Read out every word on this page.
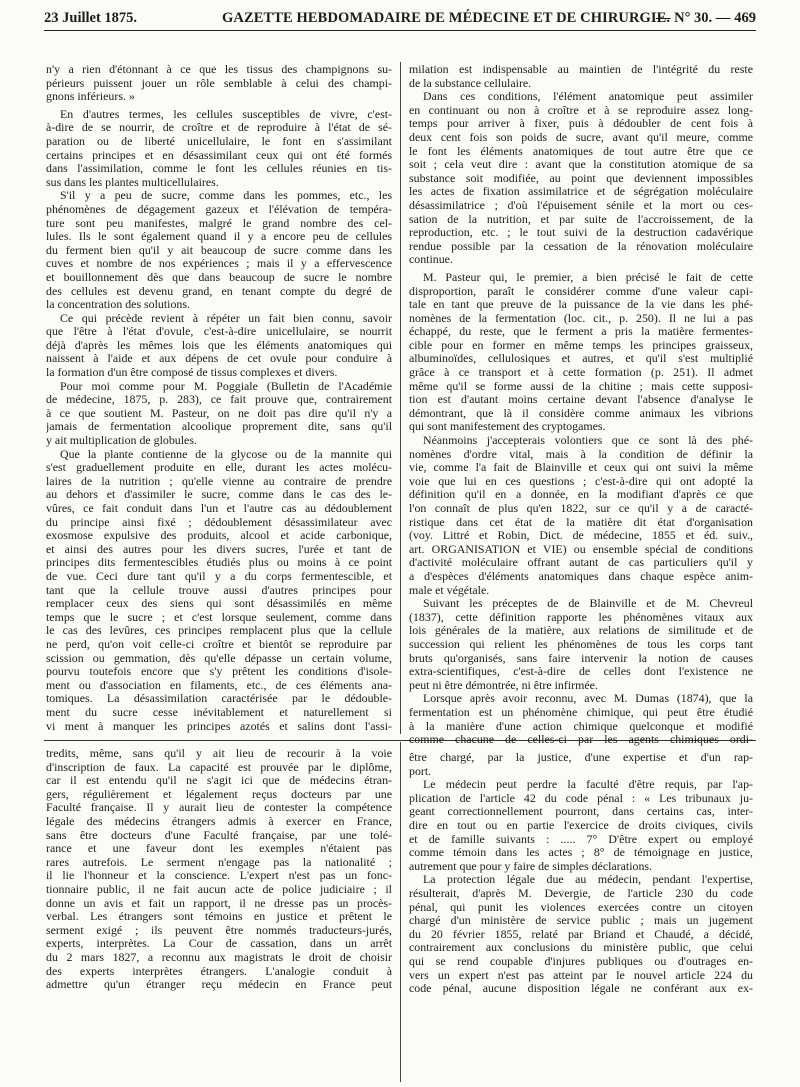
23 Juillet 1875.	GAZETTE HEBDOMADAIRE DE MÉDECINE ET DE CHIRURGIE.
— N° 30. — 469
n'y a rien d'étonnant à ce que les tissus des champignons su-
périeurs puissent jouer un rôle semblable à celui des champi-
gnons inférieurs. »
En d'autres termes, les cellules susceptibles de vivre, c'est-
à-dire de se nourrir, de croître et de reproduire à l'état de sé-
paration ou de liberté unicellulaire, le font en s'assimilant
certains principes et en désassimilant ceux qui ont été formés
dans l'assimilation, comme le font les cellules réunies en tis-
sus dans les plantes multicellulaires.
S'il y a peu de sucre, comme dans les pommes, etc., les
phénomènes de dégagement gazeux et l'élévation de tempéra-
ture sont peu manifestes, malgré le grand nombre des cel-
lules. Ils le sont également quand il y a encore peu de cellules
du ferment bien qu'il y ait beaucoup de sucre comme dans les
cuves et nombre de nos expériences ; mais il y a effervescence
et bouillonnement dès que dans beaucoup de sucre le nombre
des cellules est devenu grand, en tenant compte du degré de
la concentration des solutions.
Ce qui précède revient à répéter un fait bien connu, savoir
que l'être à l'état d'ovule, c'est-à-dire unicellulaire, se nourrit
déjà d'après les mêmes lois que les éléments anatomiques qui
naissent à l'aide et aux dépens de cet ovule pour conduire à
la formation d'un être composé de tissus complexes et divers.
Pour moi comme pour M. Poggiale (Bulletin de l'Académie
de médecine, 1875, p. 283), ce fait prouve que, contrairement
à ce que soutient M. Pasteur, on ne doit pas dire qu'il n'y a
jamais de fermentation alcoolique proprement dite, sans qu'il
y ait multiplication de globules.
Que la plante contienne de la glycose ou de la mannite qui
s'est graduellement produite en elle, durant les actes molécu-
laires de la nutrition ; qu'elle vienne au contraire de prendre
au dehors et d'assimiler le sucre, comme dans le cas des le-
vûres, ce fait conduit dans l'un et l'autre cas au dédoublement
du principe ainsi fixé ; dédoublement désassimilateur avec
exosmose expulsive des produits, alcool et acide carbonique,
et ainsi des autres pour les divers sucres, l'urée et tant de
principes dits fermentescibles étudiés plus ou moins à ce point
de vue. Ceci dure tant qu'il y a du corps fermentescible, et
tant que la cellule trouve aussi d'autres principes pour
remplacer ceux des siens qui sont désassimilés en même
temps que le sucre ; et c'est lorsque seulement, comme dans
le cas des levûres, ces principes remplacent plus que la cellule
ne perd, qu'on voit celle-ci croître et bientôt se reproduire par
scission ou gemmation, dès qu'elle dépasse un certain volume,
pourvu toutefois encore que s'y prêtent les conditions d'isole-
ment ou d'association en filaments, etc., de ces éléments ana-
tomiques. La désassimilation caractérisée par le dédouble-
ment du sucre cesse inévitablement et naturellement si
vi ment à manquer les principes azotés et salins dont l'assi-
milation est indispensable au maintien de l'intégrité du reste
de la substance cellulaire.
Dans ces conditions, l'élément anatomique peut assimiler
en continuant ou non à croître et à se reproduire assez long-
temps pour arriver à fixer, puis à dédoubler de cent fois à
deux cent fois son poids de sucre, avant qu'il meure, comme
le font les éléments anatomiques de tout autre être que ce
soit ; cela veut dire : avant que la constitution atomique de sa
substance soit modifiée, au point que deviennent impossibles
les actes de fixation assimilatrice et de ségrégation moléculaire
désassimilatrice ; d'où l'épuisement sénile et la mort ou ces-
sation de la nutrition, et par suite de l'accroissement, de la
reproduction, etc. ; le tout suivi de la destruction cadavérique
rendue possible par la cessation de la rénovation moléculaire
continue.
M. Pasteur qui, le premier, a bien précisé le fait de cette
disproportion, paraît le considérer comme d'une valeur capi-
tale en tant que preuve de la puissance de la vie dans les phé-
nomènes de la fermentation (loc. cit., p. 250). Il ne lui a pas
échappé, du reste, que le ferment a pris la matière fermentes-
cible pour en former en même temps les principes graisseux,
albuminoïdes, cellulosiques et autres, et qu'il s'est multiplié
grâce à ce transport et à cette formation (p. 251). Il admet
même qu'il se forme aussi de la chitine ; mais cette supposi-
tion est d'autant moins certaine devant l'absence d'analyse le
démontrant, que là il considère comme animaux les vibrions
qui sont manifestement des cryptogames.
Néanmoins j'accepterais volontiers que ce sont là des phé-
nomènes d'ordre vital, mais à la condition de définir la
vie, comme l'a fait de Blainville et ceux qui ont suivi la même
voie que lui en ces questions ; c'est-à-dire qui ont adopté la
définition qu'il en a donnée, en la modifiant d'après ce que
l'on connaît de plus qu'en 1822, sur ce qu'il y a de caracté-
ristique dans cet état de la matière dit état d'organisation
(voy. Littré et Robin, Dict. de médecine, 1855 et éd. suiv.,
art. ORGANISATION et VIE) ou ensemble spécial de conditions
d'activité moléculaire offrant autant de cas particuliers qu'il y
a d'espèces d'éléments anatomiques dans chaque espèce anim-
male et végétale.
Suivant les préceptes de de Blainville et de M. Chevreul
(1837), cette définition rapporte les phénomènes vitaux aux
lois générales de la matière, aux relations de similitude et de
succession qui relient les phénomènes de tous les corps tant
bruts qu'organisés, sans faire intervenir la notion de causes
extra-scientifiques, c'est-à-dire de celles dont l'existence ne
peut ni être démontrée, ni être infirmée.
Lorsque après avoir reconnu, avec M. Dumas (1874), que la
fermentation est un phénomène chimique, qui peut être étudié
à la manière d'une action chimique quelconque et modifié
comme chacune de celles-ci par les agents chimiques ordi-
tredits, même, sans qu'il y ait lieu de recourir à la voie
d'inscription de faux. La capacité est prouvée par le diplôme,
car il est entendu qu'il ne s'agit ici que de médecins étran-
gers, régulièrement et légalement reçus docteurs par une
Faculté française. Il y aurait lieu de contester la compétence
légale des médecins étrangers admis à exercer en France,
sans être docteurs d'une Faculté française, par une tolé-
rance et une faveur dont les exemples n'étaient pas
rares autrefois. Le serment n'engage pas la nationalité ;
il lie l'honneur et la conscience. L'expert n'est pas un fonc-
tionnaire public, il ne fait aucun acte de police judiciaire ; il
donne un avis et fait un rapport, il ne dresse pas un procès-
verbal. Les étrangers sont témoins en justice et prêtent le
serment exigé ; ils peuvent être nommés traducteurs-jurés,
experts, interprètes. La Cour de cassation, dans un arrêt
du 2 mars 1827, a reconnu aux magistrats le droit de choisir
des experts interprètes étrangers. L'analogie conduit à
admettre qu'un étranger reçu médecin en France peut
être chargé, par la justice, d'une expertise et d'un rap-
port.
Le médecin peut perdre la faculté d'être requis, par l'ap-
plication de l'article 42 du code pénal : « Les tribunaux ju-
geant correctionnellement pourront, dans certains cas, inter-
dire en tout ou en partie l'exercice de droits civiques, civils
et de famille suivants : ..... 7° D'être expert ou employé
comme témoin dans les actes ; 8° de témoignage en justice,
autrement que pour y faire de simples déclarations.
La protection légale due au médecin, pendant l'expertise,
résulterait, d'après M. Devergie, de l'article 230 du code
pénal, qui punit les violences exercées contre un citoyen
chargé d'un ministère de service public ; mais un jugement
du 20 février 1855, relaté par Briand et Chaudé, a décidé,
contrairement aux conclusions du ministère public, que celui
qui se rend coupable d'injures publiques ou d'outrages en-
vers un expert n'est pas atteint par le nouvel article 224 du
code pénal, aucune disposition légale ne conférant aux ex-
